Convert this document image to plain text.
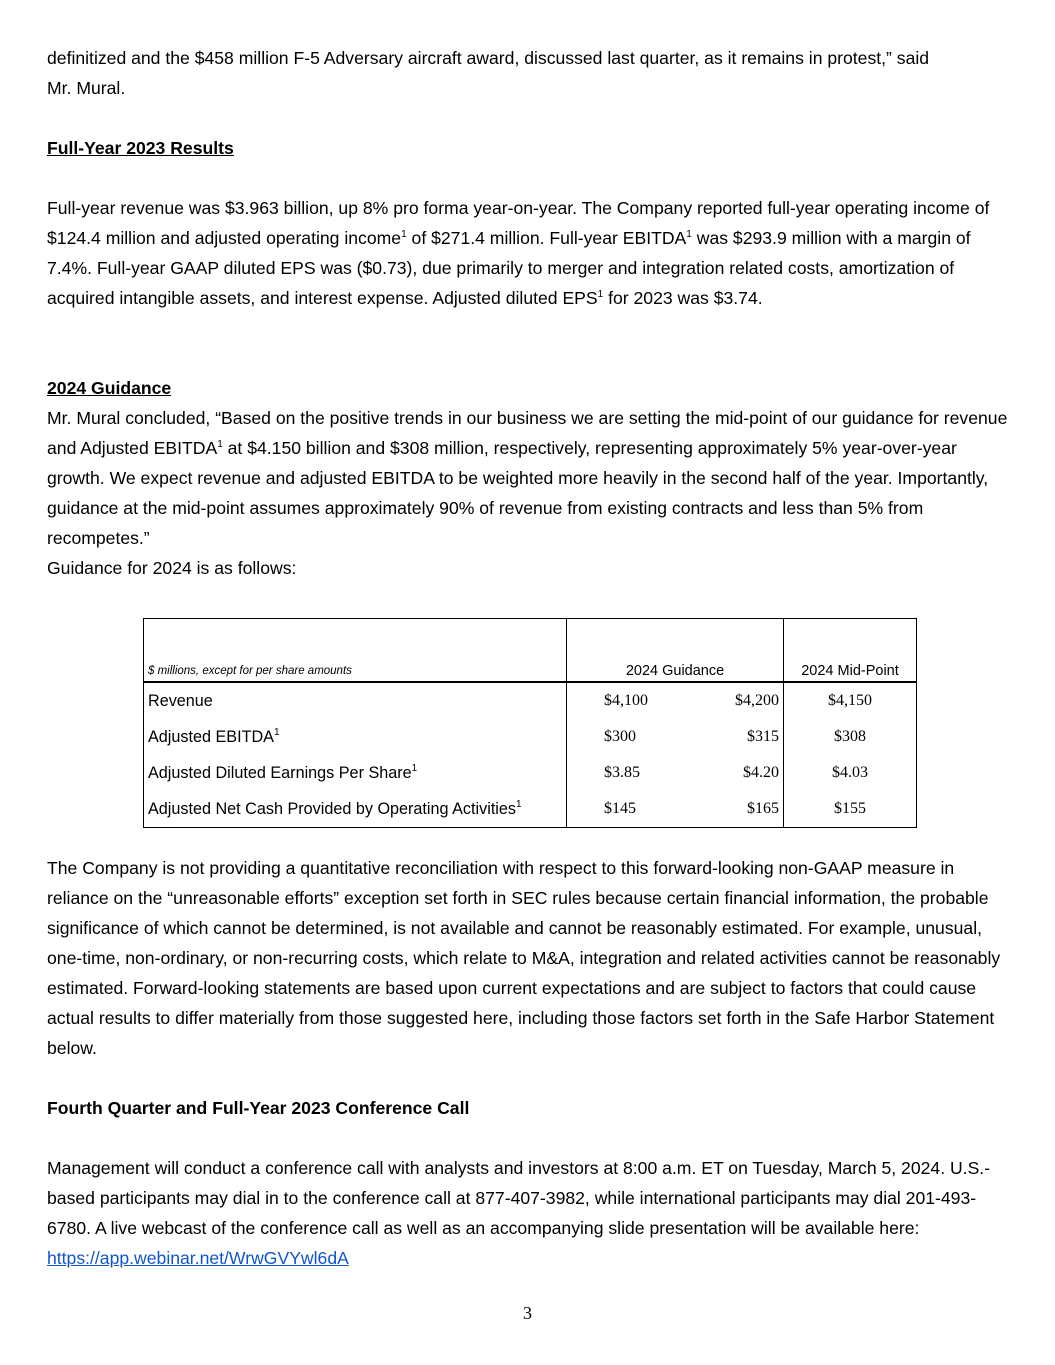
definitized and the $458 million F-5 Adversary aircraft award, discussed last quarter, as it remains in protest,” said
Mr. Mural.

Full-Year 2023 Results

Full-year revenue was $3.963 billion, up 8% pro forma year-on-year. The Company reported full-year operating income of $124.4 million and adjusted operating income$^1$ of $271.4 million. Full-year EBITDA$^1$ was $293.9 million with a margin of 7.4%. Full-year GAAP diluted EPS was ($0.73), due primarily to merger and integration related costs, amortization of acquired intangible assets, and interest expense. Adjusted diluted EPS$^1$ for 2023 was $3.74.

2024 Guidance

Mr. Mural concluded, “Based on the positive trends in our business we are setting the mid-point of our guidance for revenue and Adjusted EBITDA$^1$ at $4.150 billion and $308 million, respectively, representing approximately 5% year-over-year growth. We expect revenue and adjusted EBITDA to be weighted more heavily in the second half of the year. Importantly, guidance at the mid-point assumes approximately 90% of revenue from existing contracts and less than 5% from recompetes.”

Guidance for 2024 is as follows:

$ millions, except for per share amounts	2024 Guidance	2024 Mid-Point
Revenue	$4,100 $4,200	$4,150
Adjusted EBITDA$^1$	$300 $315	$308
Adjusted Diluted Earnings Per Share$^1$	$3.85 $4.20	$4.03
Adjusted Net Cash Provided by Operating Activities$^1$	$145 $165	$155

The Company is not providing a quantitative reconciliation with respect to this forward-looking non-GAAP measure in reliance on the “unreasonable efforts” exception set forth in SEC rules because certain financial information, the probable significance of which cannot be determined, is not available and cannot be reasonably estimated. For example, unusual, one-time, non-ordinary, or non-recurring costs, which relate to M&A, integration and related activities cannot be reasonably estimated. Forward-looking statements are based upon current expectations and are subject to factors that could cause actual results to differ materially from those suggested here, including those factors set forth in the Safe Harbor Statement below.

Fourth Quarter and Full-Year 2023 Conference Call

Management will conduct a conference call with analysts and investors at 8:00 a.m. ET on Tuesday, March 5, 2024. U.S.-based participants may dial in to the conference call at 877-407-3982, while international participants may dial 201-493-6780. A live webcast of the conference call as well as an accompanying slide presentation will be available here: https://app.webinar.net/WrwGVYwl6dA

3
